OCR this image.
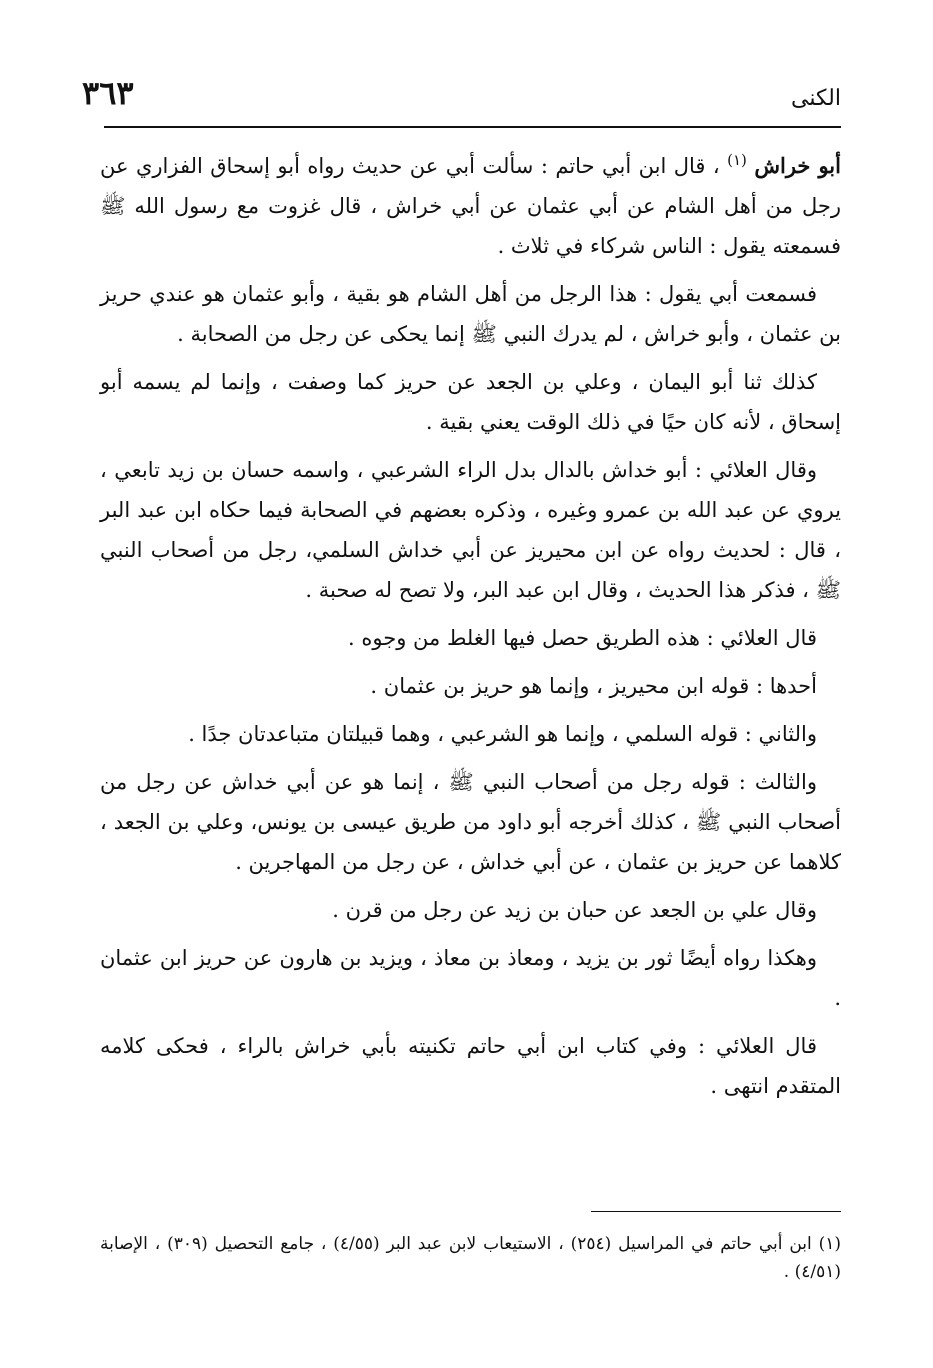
٣٦٣	الكنى

أبو خراش $^{(١)}$ ، قال ابن أبي حاتم : سألت أبي عن حديث رواه أبو إسحاق الفزاري عن رجل من أهل الشام عن أبي عثمان عن أبي خراش ، قال غزوت مع رسول الله ﷺ فسمعته يقول : الناس شركاء في ثلاث .

فسمعت أبي يقول : هذا الرجل من أهل الشام هو بقية ، وأبو عثمان هو عندي حريز بن عثمان ، وأبو خراش ، لم يدرك النبي ﷺ إنما يحكى عن رجل من الصحابة .

كذلك ثنا أبو اليمان ، وعلي بن الجعد عن حريز كما وصفت ، وإنما لم يسمه أبو إسحاق ، لأنه كان حيًا في ذلك الوقت يعني بقية .

وقال العلائي : أبو خداش بالدال بدل الراء الشرعبي ، واسمه حسان بن زيد تابعي ، يروي عن عبد الله بن عمرو وغيره ، وذكره بعضهم في الصحابة فيما حكاه ابن عبد البر ، قال : لحديث رواه عن ابن محيريز عن أبي خداش السلمي، رجل من أصحاب النبي ﷺ ، فذكر هذا الحديث ، وقال ابن عبد البر، ولا تصح له صحبة .

قال العلائي : هذه الطريق حصل فيها الغلط من وجوه .

أحدها : قوله ابن محيريز ، وإنما هو حريز بن عثمان .

والثاني : قوله السلمي ، وإنما هو الشرعبي ، وهما قبيلتان متباعدتان جدًا .

والثالث : قوله رجل من أصحاب النبي ﷺ ، إنما هو عن أبي خداش عن رجل من أصحاب النبي ﷺ ، كذلك أخرجه أبو داود من طريق عيسى بن يونس، وعلي بن الجعد ، كلاهما عن حريز بن عثمان ، عن أبي خداش ، عن رجل من المهاجرين .

وقال علي بن الجعد عن حبان بن زيد عن رجل من قرن .

وهكذا رواه أيضًا ثور بن يزيد ، ومعاذ بن معاذ ، ويزيد بن هارون عن حريز ابن عثمان .

قال العلائي : وفي كتاب ابن أبي حاتم تكنيته بأبي خراش بالراء ، فحكى كلامه المتقدم انتهى .

(١) ابن أبي حاتم في المراسيل (٢٥٤) ، الاستيعاب لابن عبد البر (٤/٥٥) ، جامع التحصيل (٣٠٩) ، الإصابة (٤/٥١) .
